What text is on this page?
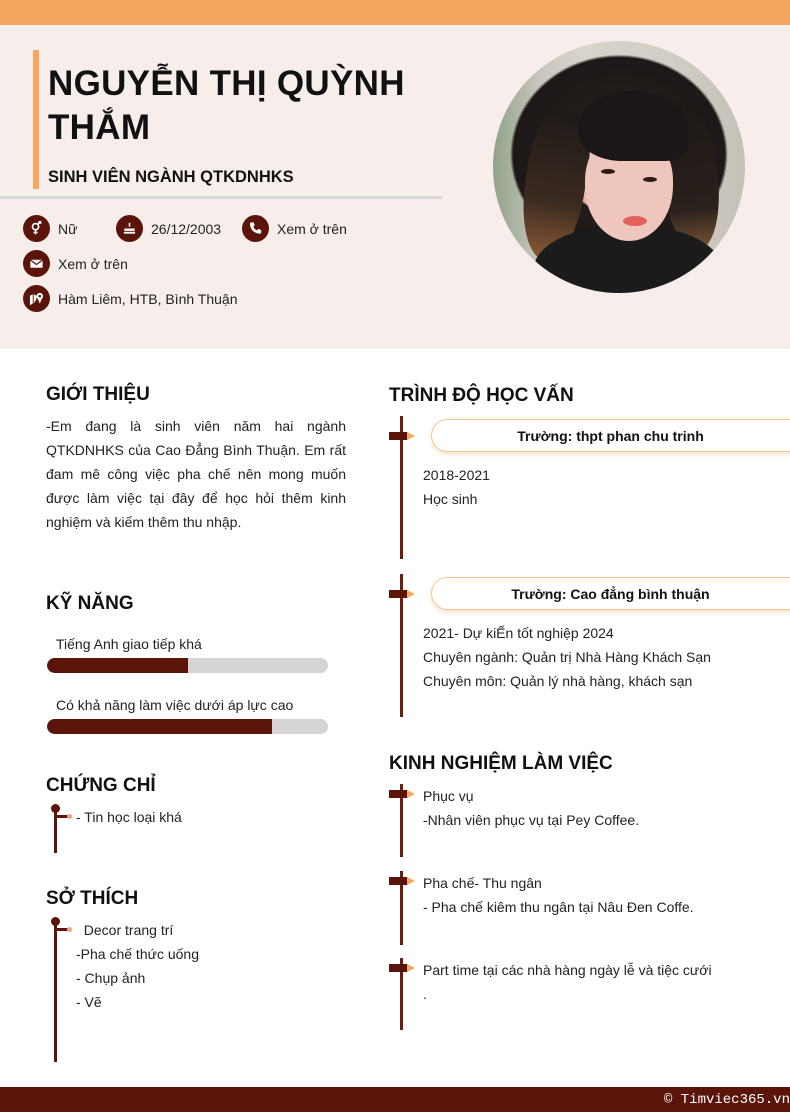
NGUYỄN THỊ QUỲNH THẮM
SINH VIÊN NGÀNH QTKDNHKS
Nữ	26/12/2003	Xem ở trên
Xem ở trên
Hàm Liêm, HTB, Bình Thuận
GIỚI THIỆU

-Em đang là sinh viên năm hai ngành QTKDNHKS của Cao Đẳng Bình Thuận. Em rất đam mê công việc pha chế nên mong muốn được làm việc tại đây để học hỏi thêm kinh nghiệm và kiếm thêm thu nhập.

KỸ NĂNG
Tiếng Anh giao tiếp khá
Có khả năng làm việc dưới áp lực cao
CHỨNG CHỈ
- Tin học loại khá
SỞ THÍCH
Decor trang trí
-Pha chế thức uống
- Chụp ảnh
- Vẽ
TRÌNH ĐỘ HỌC VẤN
Trường: thpt phan chu trinh
2018-2021
Học sinh
Trường: Cao đẳng bình thuận
2021- Dự kiẾn tốt nghiệp 2024
Chuyên ngành: Quản trị Nhà Hàng Khách Sạn
Chuyên môn: Quản lý nhà hàng, khách sạn
KINH NGHIỆM LÀM VIỆC
Phục vụ
-Nhân viên phục vụ tại Pey Coffee.
Pha chế- Thu ngân
- Pha chế kiêm thu ngân tại Nâu Đen Coffe.
Part time tại các nhà hàng ngày lễ và tiệc cưới
.
© Timviec365.vn
